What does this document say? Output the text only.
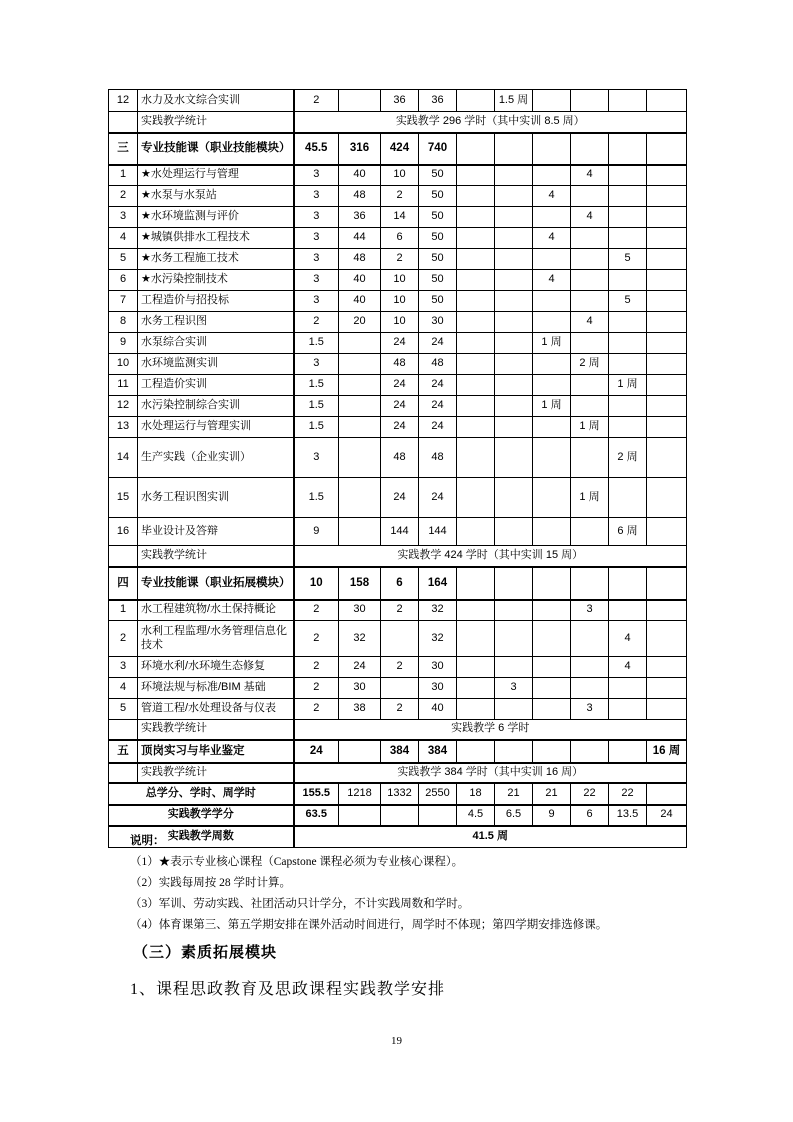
12	水力及水文综合实训	2		36	36		1.5 周				
	实践教学统计	实践教学 296 学时（其中实训 8.5 周）									
三	专业技能课（职业技能模块）	45.5	316	424	740						
1	★水处理运行与管理	3	40	10	50				4		
2	★水泵与水泵站	3	48	2	50			4			
3	★水环境监测与评价	3	36	14	50				4		
4	★城镇供排水工程技术	3	44	6	50			4			
5	★水务工程施工技术	3	48	2	50					5	
6	★水污染控制技术	3	40	10	50			4			
7	工程造价与招投标	3	40	10	50					5	
8	水务工程识图	2	20	10	30				4		
9	水泵综合实训	1.5		24	24			1 周			
10	水环境监测实训	3		48	48				2 周		
11	工程造价实训	1.5		24	24					1 周	
12	水污染控制综合实训	1.5		24	24			1 周			
13	水处理运行与管理实训	1.5		24	24				1 周		
14	生产实践（企业实训）	3		48	48					2 周	
15	水务工程识图实训	1.5		24	24				1 周		
16	毕业设计及答辩	9		144	144					6 周	
	实践教学统计	实践教学 424 学时（其中实训 15 周）									
四	专业技能课（职业拓展模块）	10	158	6	164						
1	水工程建筑物/水土保持概论	2	30	2	32				3		
2	水利工程监理/水务管理信息化技术	2	32		32					4	
3	环境水利/水环境生态修复	2	24	2	30					4	
4	环境法规与标准/BIM 基础	2	30		30		3				
5	管道工程/水处理设备与仪表	2	38	2	40				3		
	实践教学统计	实践教学 6 学时									
五	顶岗实习与毕业鉴定	24		384	384						16 周
	实践教学统计	实践教学 384 学时（其中实训 16 周）									
总学分、学时、周学时		155.5	1218	1332	2550	18	21	21	22	22	
实践教学学分		63.5				4.5	6.5	9	6	13.5	24
实践教学周数		41.5 周									
说明：
（1）★表示专业核心课程（Capstone 课程必须为专业核心课程）。
（2）实践每周按 28 学时计算。
（3）军训、劳动实践、社团活动只计学分，不计实践周数和学时。
（4）体育课第三、第五学期安排在课外活动时间进行，周学时不体现；第四学期安排选修课。
（三）素质拓展模块
1、课程思政教育及思政课程实践教学安排
19
